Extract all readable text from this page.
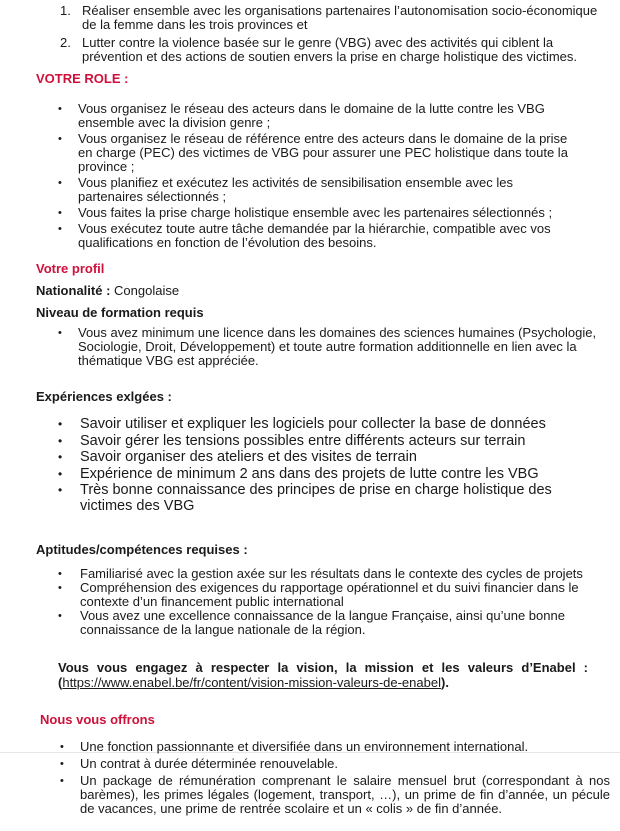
1. Réaliser ensemble avec les organisations partenaires l’autonomisation socio-économique de la femme dans les trois provinces et
2. Lutter contre la violence basée sur le genre (VBG) avec des activités qui ciblent la prévention et des actions de soutien envers la prise en charge holistique des victimes.
VOTRE ROLE :
• Vous organisez le réseau des acteurs dans le domaine de la lutte contre les VBG ensemble avec la division genre ;
• Vous organisez le réseau de référence entre des acteurs dans le domaine de la prise en charge (PEC) des victimes de VBG pour assurer une PEC holistique dans toute la province ;
• Vous planifiez et exécutez les activités de sensibilisation ensemble avec les partenaires sélectionnés ;
• Vous faites la prise charge holistique ensemble avec les partenaires sélectionnés ;
• Vous exécutez toute autre tâche demandée par la hiérarchie, compatible avec vos qualifications en fonction de l’évolution des besoins.
Votre profil
Nationalité : Congolaise
Niveau de formation requis
• Vous avez minimum une licence dans les domaines des sciences humaines (Psychologie, Sociologie, Droit, Développement) et toute autre formation additionnelle en lien avec la thématique VBG est appréciée.
Expériences exlgées :
• Savoir utiliser et expliquer les logiciels pour collecter la base de données
• Savoir gérer les tensions possibles entre différents acteurs sur terrain
• Savoir organiser des ateliers et des visites de terrain
• Expérience de minimum 2 ans dans des projets de lutte contre les VBG
• Très bonne connaissance des principes de prise en charge holistique des victimes des VBG
Aptitudes/compétences requises :
• Familiarisé avec la gestion axée sur les résultats dans le contexte des cycles de projets
• Compréhension des exigences du rapportage opérationnel et du suivi financier dans le contexte d’un financement public international
• Vous avez une excellence connaissance de la langue Française, ainsi qu’une bonne connaissance de la langue nationale de la région.
Vous vous engagez à respecter la vision, la mission et les valeurs d’Enabel :(https://www.enabel.be/fr/content/vision-mission-valeurs-de-enabel).
Nous vous offrons
• Une fonction passionnante et diversifiée dans un environnement international.
• Un contrat à durée déterminée renouvelable.
• Un package de rémunération comprenant le salaire mensuel brut (correspondant à nos barèmes), les primes légales (logement, transport, …), un prime de fin d’année, un pécule de vacances, une prime de rentrée scolaire et un « colis » de fin d’année.
